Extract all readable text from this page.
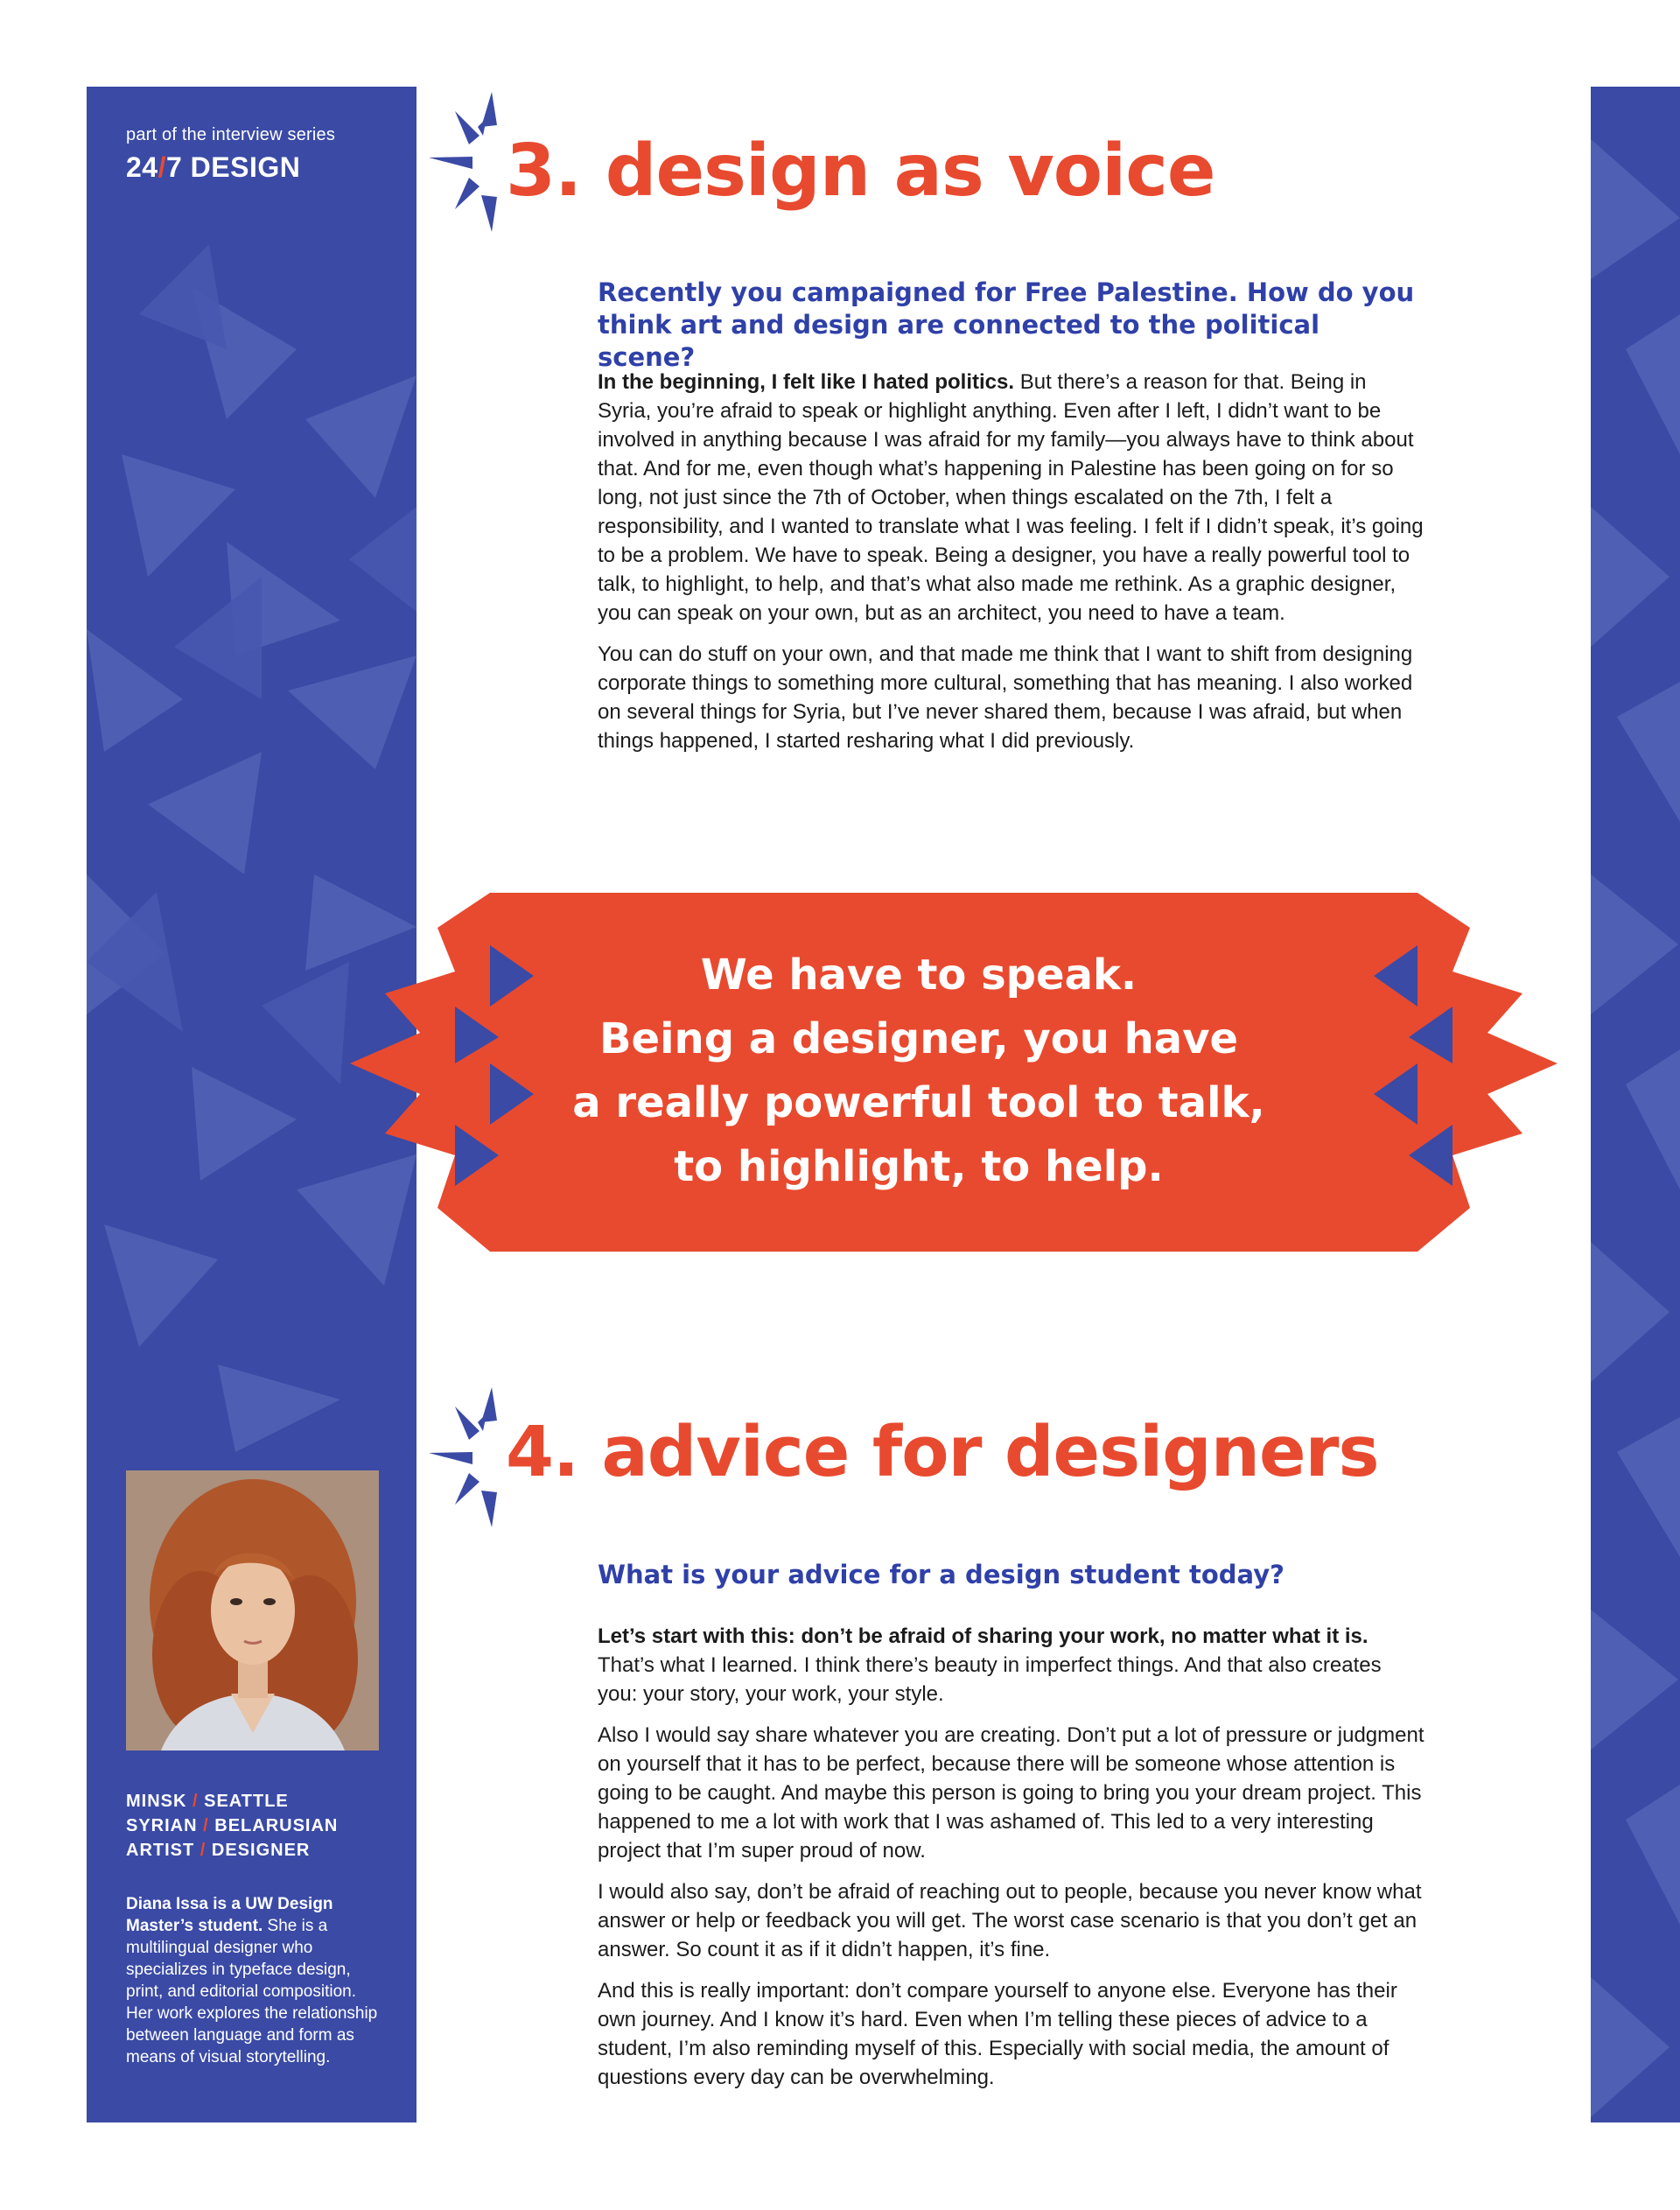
part of the interview series
24/7 DESIGN	3. design as voice
Recently you campaigned for Free Palestine. How do you think art and design are connected to the political scene?

In the beginning, I felt like I hated politics. But there’s a reason for that. Being in Syria, you’re afraid to speak or highlight anything. Even after I left, I didn’t want to be involved in anything because I was afraid for my family—you always have to think about that. And for me, even though what’s happening in Palestine has been going on for so long, not just since the 7th of October, when things escalated on the 7th, I felt a responsibility, and I wanted to translate what I was feeling. I felt if I didn’t speak, it’s going to be a problem. We have to speak. Being a designer, you have a really powerful tool to talk, to highlight, to help, and that’s what also made me rethink. As a graphic designer, you can speak on your own, but as an architect, you need to have a team.

You can do stuff on your own, and that made me think that I want to shift from designing corporate things to something more cultural, something that has meaning. I also worked on several things for Syria, but I’ve never shared them, because I was afraid, but when things happened, I started resharing what I did previously.

We have to speak.
Being a designer, you have
a really powerful tool to talk,
to highlight, to help.
4. advice for designers
What is your advice for a design student today?

Let’s start with this: don’t be afraid of sharing your work, no matter what it is. That’s what I learned. I think there’s beauty in imperfect things. And that also creates you: your story, your work, your style.

Also I would say share whatever you are creating. Don’t put a lot of pressure or judgment on yourself that it has to be perfect, because there will be someone whose attention is going to be caught. And maybe this person is going to bring you your dream project. This happened to me a lot with work that I was ashamed of. This led to a very interesting project that I’m super proud of now.

I would also say, don’t be afraid of reaching out to people, because you never know what answer or help or feedback you will get. The worst case scenario is that you don’t get an answer. So count it as if it didn’t happen, it’s fine.

And this is really important: don’t compare yourself to anyone else. Everyone has their own journey. And I know it’s hard. Even when I’m telling these pieces of advice to a student, I’m also reminding myself of this. Especially with social media, the amount of questions every day can be overwhelming.

MINSK / SEATTLE
SYRIAN / BELARUSIAN
ARTIST / DESIGNER
Diana Issa is a UW Design Master’s student. She is a multilingual designer who specializes in typeface design, print, and editorial composition. Her work explores the relationship between language and form as means of visual storytelling.
